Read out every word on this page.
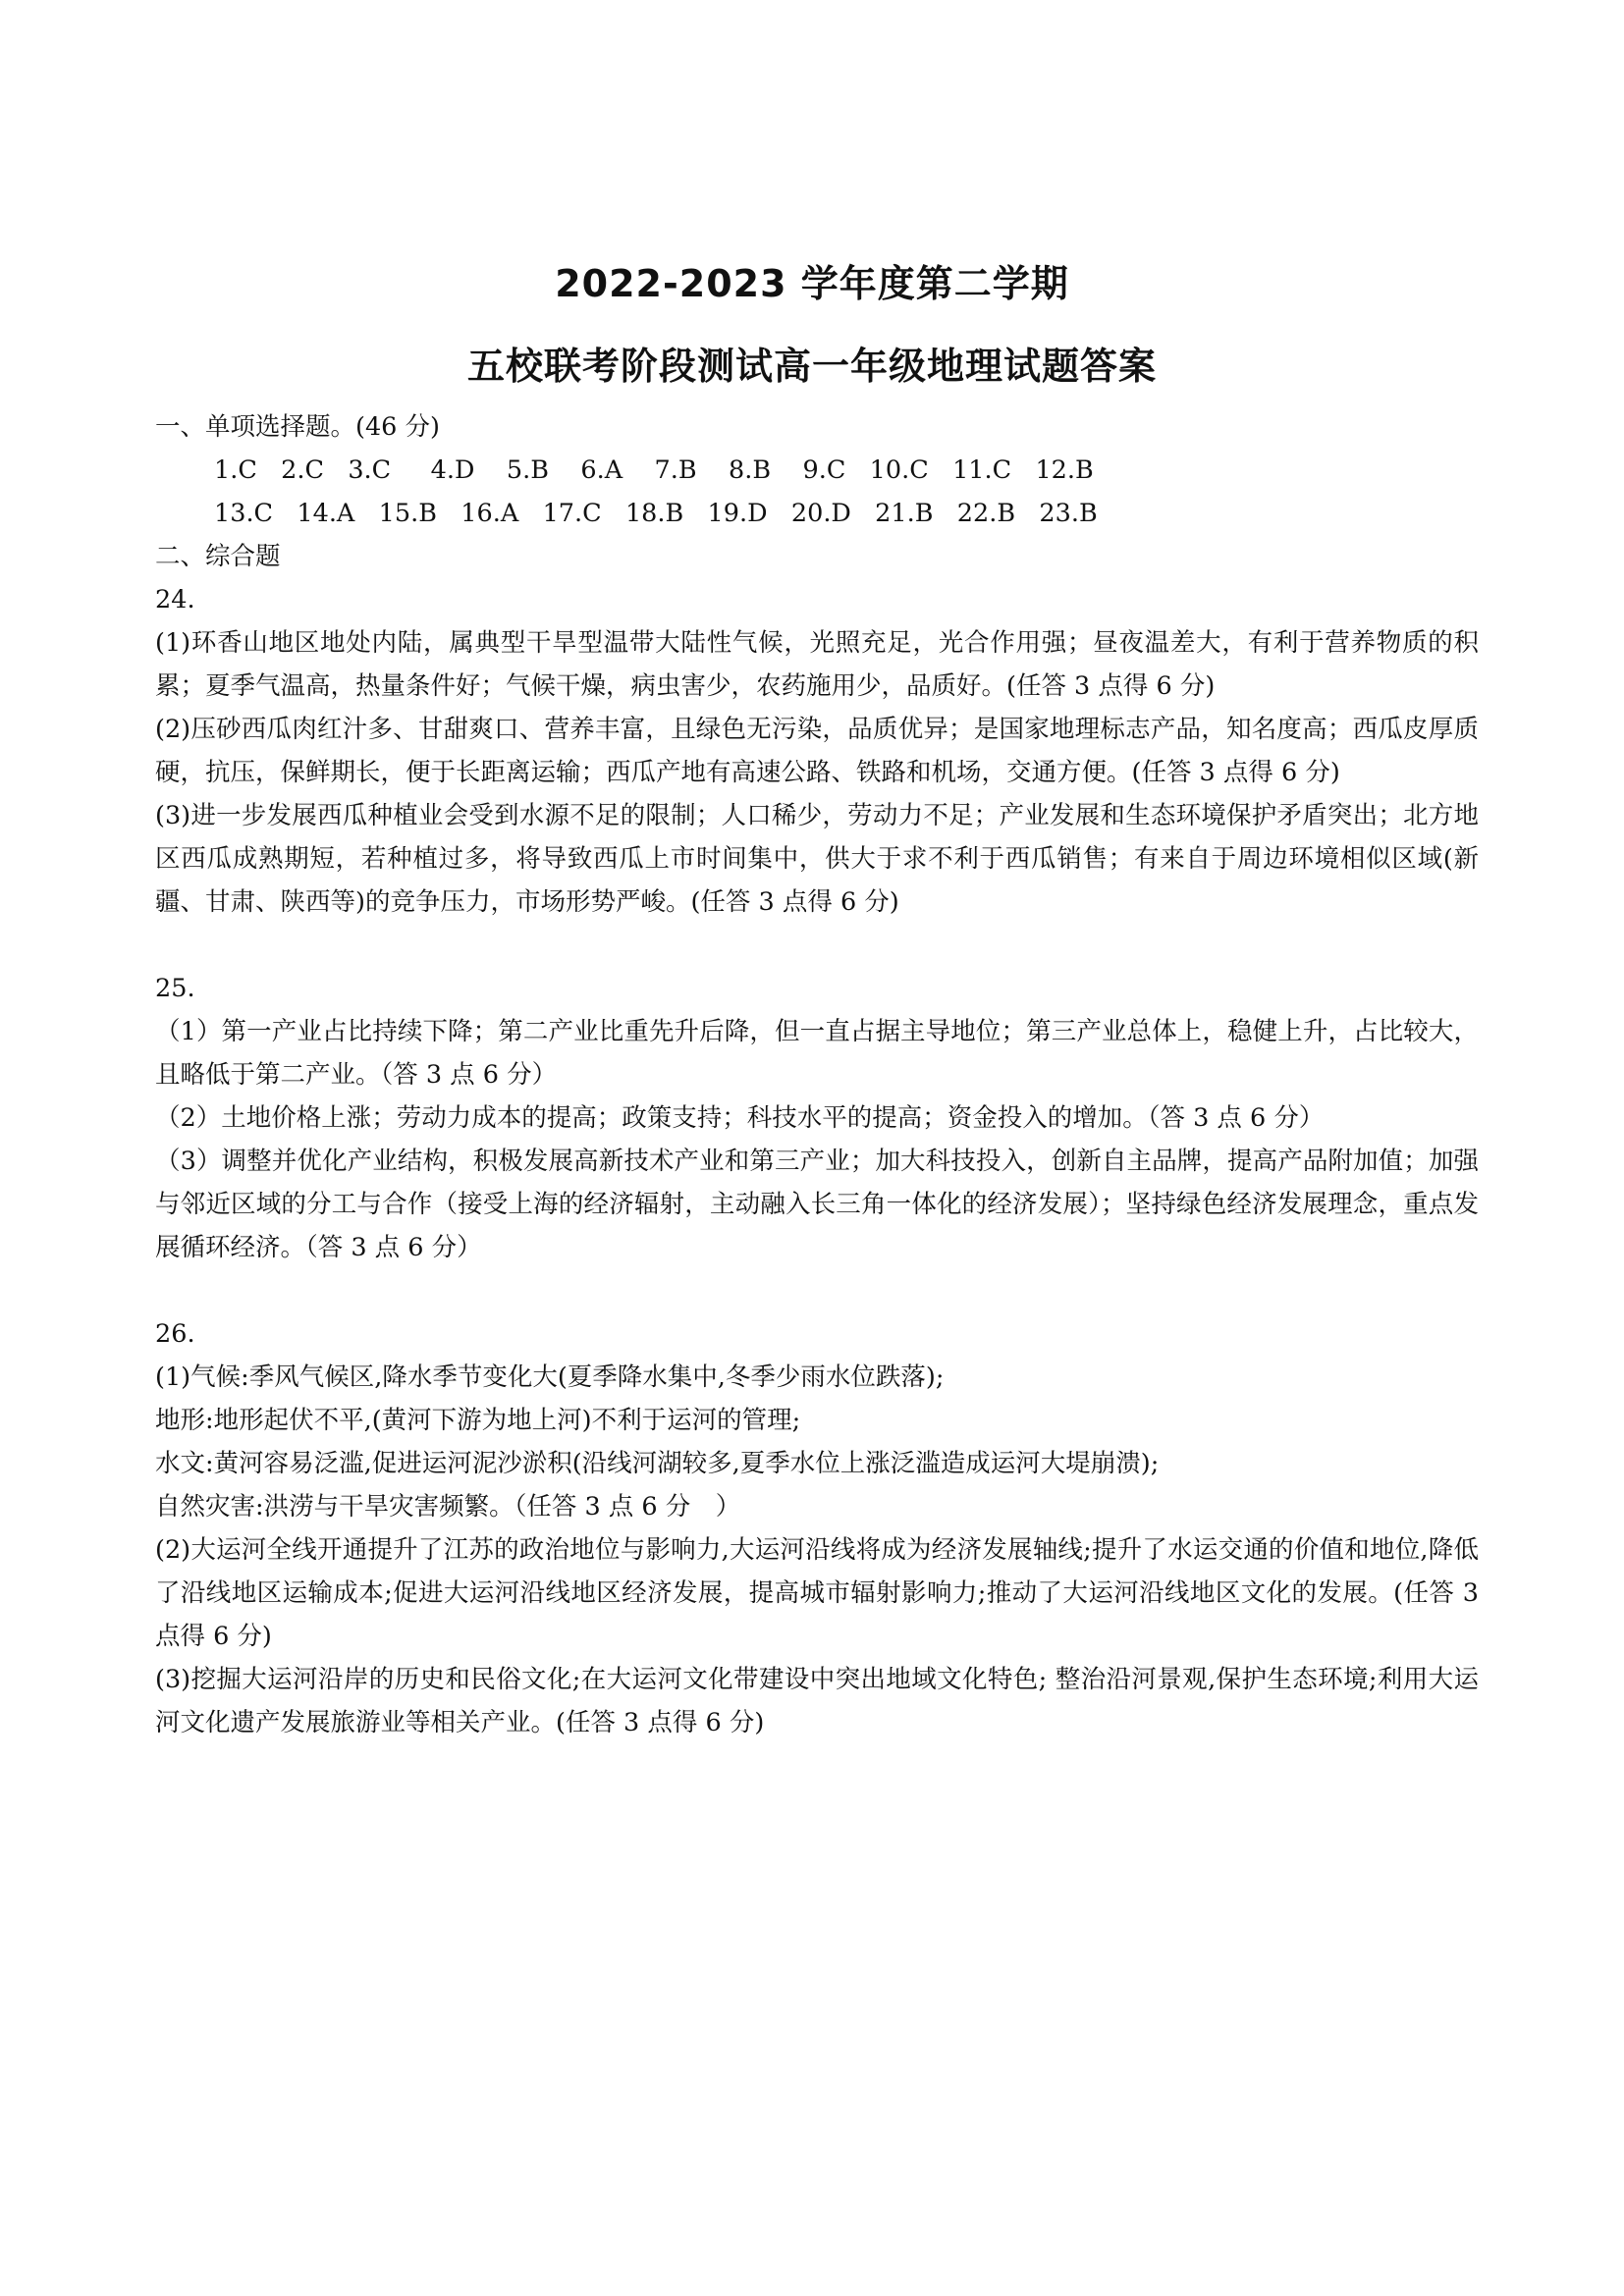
2022-2023 学年度第二学期
五校联考阶段测试高一年级地理试题答案
一、单项选择题。(46 分)
1.C   2.C   3.C     4.D    5.B    6.A    7.B    8.B    9.C   10.C   11.C   12.B
13.C   14.A   15.B   16.A   17.C   18.B   19.D   20.D   21.B   22.B   23.B
二、综合题
24.
(1)环香山地区地处内陆，属典型干旱型温带大陆性气候，光照充足，光合作用强；昼夜温差大，有利于营养物质的积累；夏季气温高，热量条件好；气候干燥，病虫害少，农药施用少，品质好。(任答 3 点得 6 分)
(2)压砂西瓜肉红汁多、甘甜爽口、营养丰富，且绿色无污染，品质优异；是国家地理标志产品，知名度高；西瓜皮厚质硬，抗压，保鲜期长，便于长距离运输；西瓜产地有高速公路、铁路和机场，交通方便。(任答 3 点得 6 分)
(3)进一步发展西瓜种植业会受到水源不足的限制；人口稀少，劳动力不足；产业发展和生态环境保护矛盾突出；北方地区西瓜成熟期短，若种植过多，将导致西瓜上市时间集中，供大于求不利于西瓜销售；有来自于周边环境相似区域(新疆、甘肃、陕西等)的竞争压力，市场形势严峻。(任答 3 点得 6 分)
25.
（1）第一产业占比持续下降；第二产业比重先升后降，但一直占据主导地位；第三产业总体上，稳健上升，占比较大，且略低于第二产业。（答 3 点 6 分）
（2）土地价格上涨；劳动力成本的提高；政策支持；科技水平的提高；资金投入的增加。（答 3 点 6 分）
（3）调整并优化产业结构，积极发展高新技术产业和第三产业；加大科技投入，创新自主品牌，提高产品附加值；加强与邻近区域的分工与合作（接受上海的经济辐射，主动融入长三角一体化的经济发展）；坚持绿色经济发展理念，重点发展循环经济。（答 3 点 6 分）
26.
(1)气候:季风气候区,降水季节变化大(夏季降水集中,冬季少雨水位跌落);
地形:地形起伏不平,(黄河下游为地上河)不利于运河的管理;
水文:黄河容易泛滥,促进运河泥沙淤积(沿线河湖较多,夏季水位上涨泛滥造成运河大堤崩溃);
自然灾害:洪涝与干旱灾害频繁。（任答 3 点 6 分　）
(2)大运河全线开通提升了江苏的政治地位与影响力,大运河沿线将成为经济发展轴线;提升了水运交通的价值和地位,降低了沿线地区运输成本;促进大运河沿线地区经济发展，提高城市辐射影响力;推动了大运河沿线地区文化的发展。(任答 3 点得 6 分)
(3)挖掘大运河沿岸的历史和民俗文化;在大运河文化带建设中突出地域文化特色; 整治沿河景观,保护生态环境;利用大运河文化遗产发展旅游业等相关产业。(任答 3 点得 6 分)
